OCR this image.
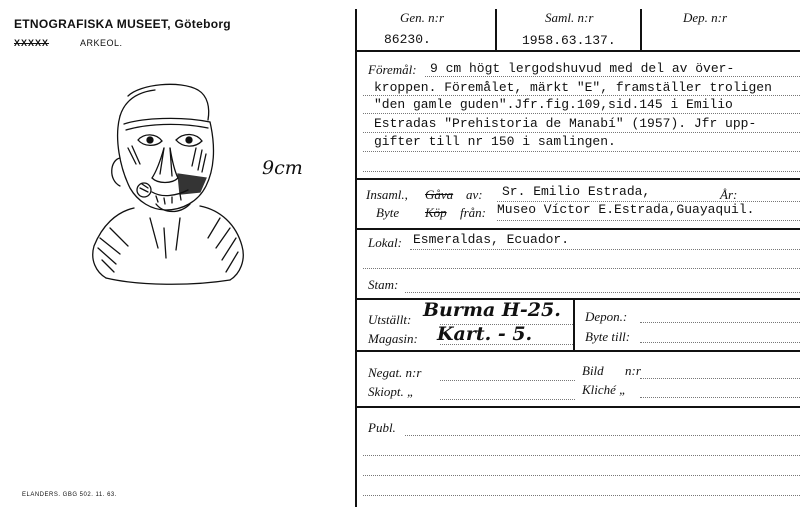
ETNOGRAFISKA MUSEET, Göteborg
XXXXX	ARKEOL.
9cm
ELANDERS. GBG 502. 11. 63.
Gen. n:r	Saml. n:r	Dep. n:r
86230.	1958.63.137.
Föremål: 9 cm högt lergodshuvud med del av över-
kroppen. Föremålet, märkt "E", framställer troligen
"den gamle guden".Jfr.fig.109,sid.145 i Emilio
Estradas "Prehistoria de Manabí" (1957). Jfr upp-
gifter till nr 150 i samlingen.
Insaml., Gåva av: Sr. Emilio Estrada,	År:
Byte Köp från: Museo Víctor E.Estrada,Guayaquil.
Lokal: Esmeraldas, Ecuador.
Stam:
Utställt: Burma H-25.
Magasin: Kart. - 5.
Depon.:
Byte till:
Negat. n:r	Bild n:r
Skiopt. „	Kliché „
Publ.
